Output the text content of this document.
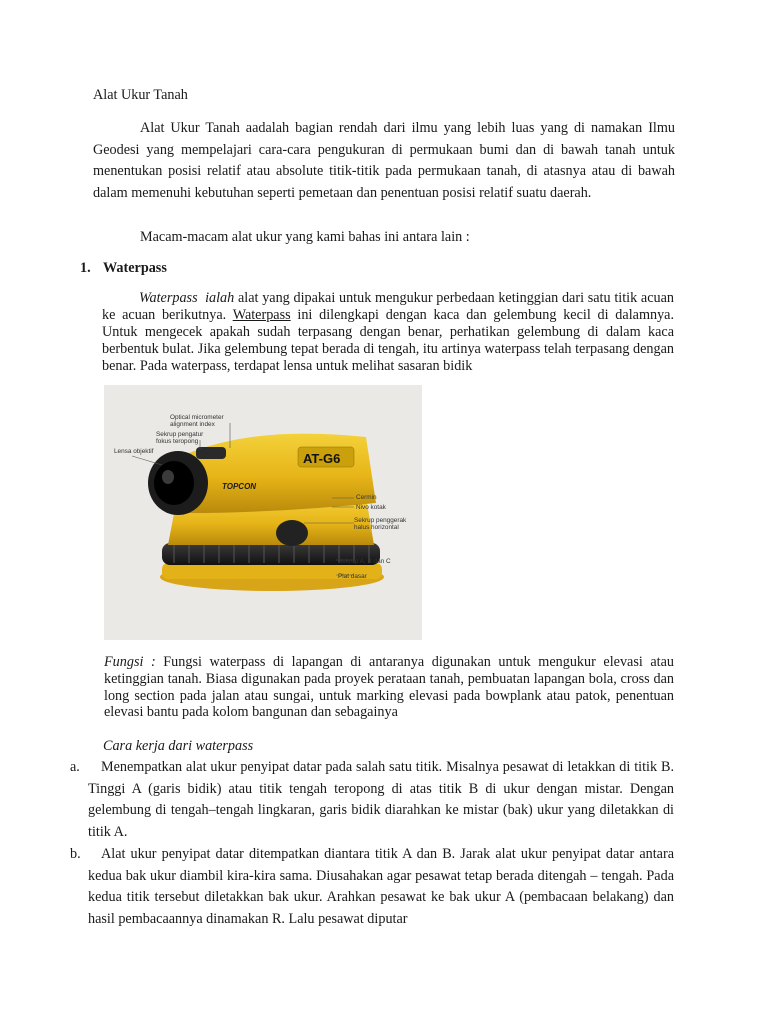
Alat Ukur Tanah
Alat Ukur Tanah aadalah bagian rendah dari ilmu yang lebih luas yang di namakan Ilmu Geodesi yang mempelajari cara-cara pengukuran di permukaan bumi dan di bawah tanah untuk menentukan posisi relatif atau absolute titik-titik pada permukaan tanah, di atasnya atau di bawah dalam memenuhi kebutuhan seperti pemetaan dan penentuan posisi relatif suatu daerah.
Macam-macam alat ukur yang kami bahas ini antara lain :
1. Waterpass
Waterpass ialah alat yang dipakai untuk mengukur perbedaan ketinggian dari satu titik acuan ke acuan berikutnya. Waterpass ini dilengkapi dengan kaca dan gelembung kecil di dalamnya. Untuk mengecek apakah sudah terpasang dengan benar, perhatikan gelembung di dalam kaca berbentuk bulat. Jika gelembung tepat berada di tengah, itu artinya waterpass telah terpasang dengan benar. Pada waterpass, terdapat lensa untuk melihat sasaran bidik
TOPCON
AT-G6
Optical micrometer
alignment index
Sekrup pengatur
fokus teropong
Lensa objektif
Cermin
Nivo kotak
Sekrup penggerak
halus horizontal
Sekrup A, B dan C
Plat dasar
Fungsi : Fungsi waterpass di lapangan di antaranya digunakan untuk mengukur elevasi atau ketinggian tanah. Biasa digunakan pada proyek perataan tanah, pembuatan lapangan bola, cross dan long section pada jalan atau sungai, untuk marking elevasi pada bowplank atau patok, penentuan elevasi bantu pada kolom bangunan dan sebagainya
Cara kerja dari waterpass
a.	Menempatkan alat ukur penyipat datar pada salah satu titik. Misalnya pesawat di letakkan di titik B. Tinggi A (garis bidik) atau titik tengah teropong di atas titik B di ukur dengan mistar. Dengan gelembung di tengah–tengah lingkaran, garis bidik diarahkan ke mistar (bak) ukur yang diletakkan di titik A.
b.	Alat ukur penyipat datar ditempatkan diantara titik A dan B. Jarak alat ukur penyipat datar antara kedua bak ukur diambil kira-kira sama. Diusahakan agar pesawat tetap berada ditengah – tengah. Pada kedua titik tersebut diletakkan bak ukur. Arahkan pesawat ke bak ukur A (pembacaan belakang) dan hasil pembacaannya dinamakan R. Lalu pesawat diputar
